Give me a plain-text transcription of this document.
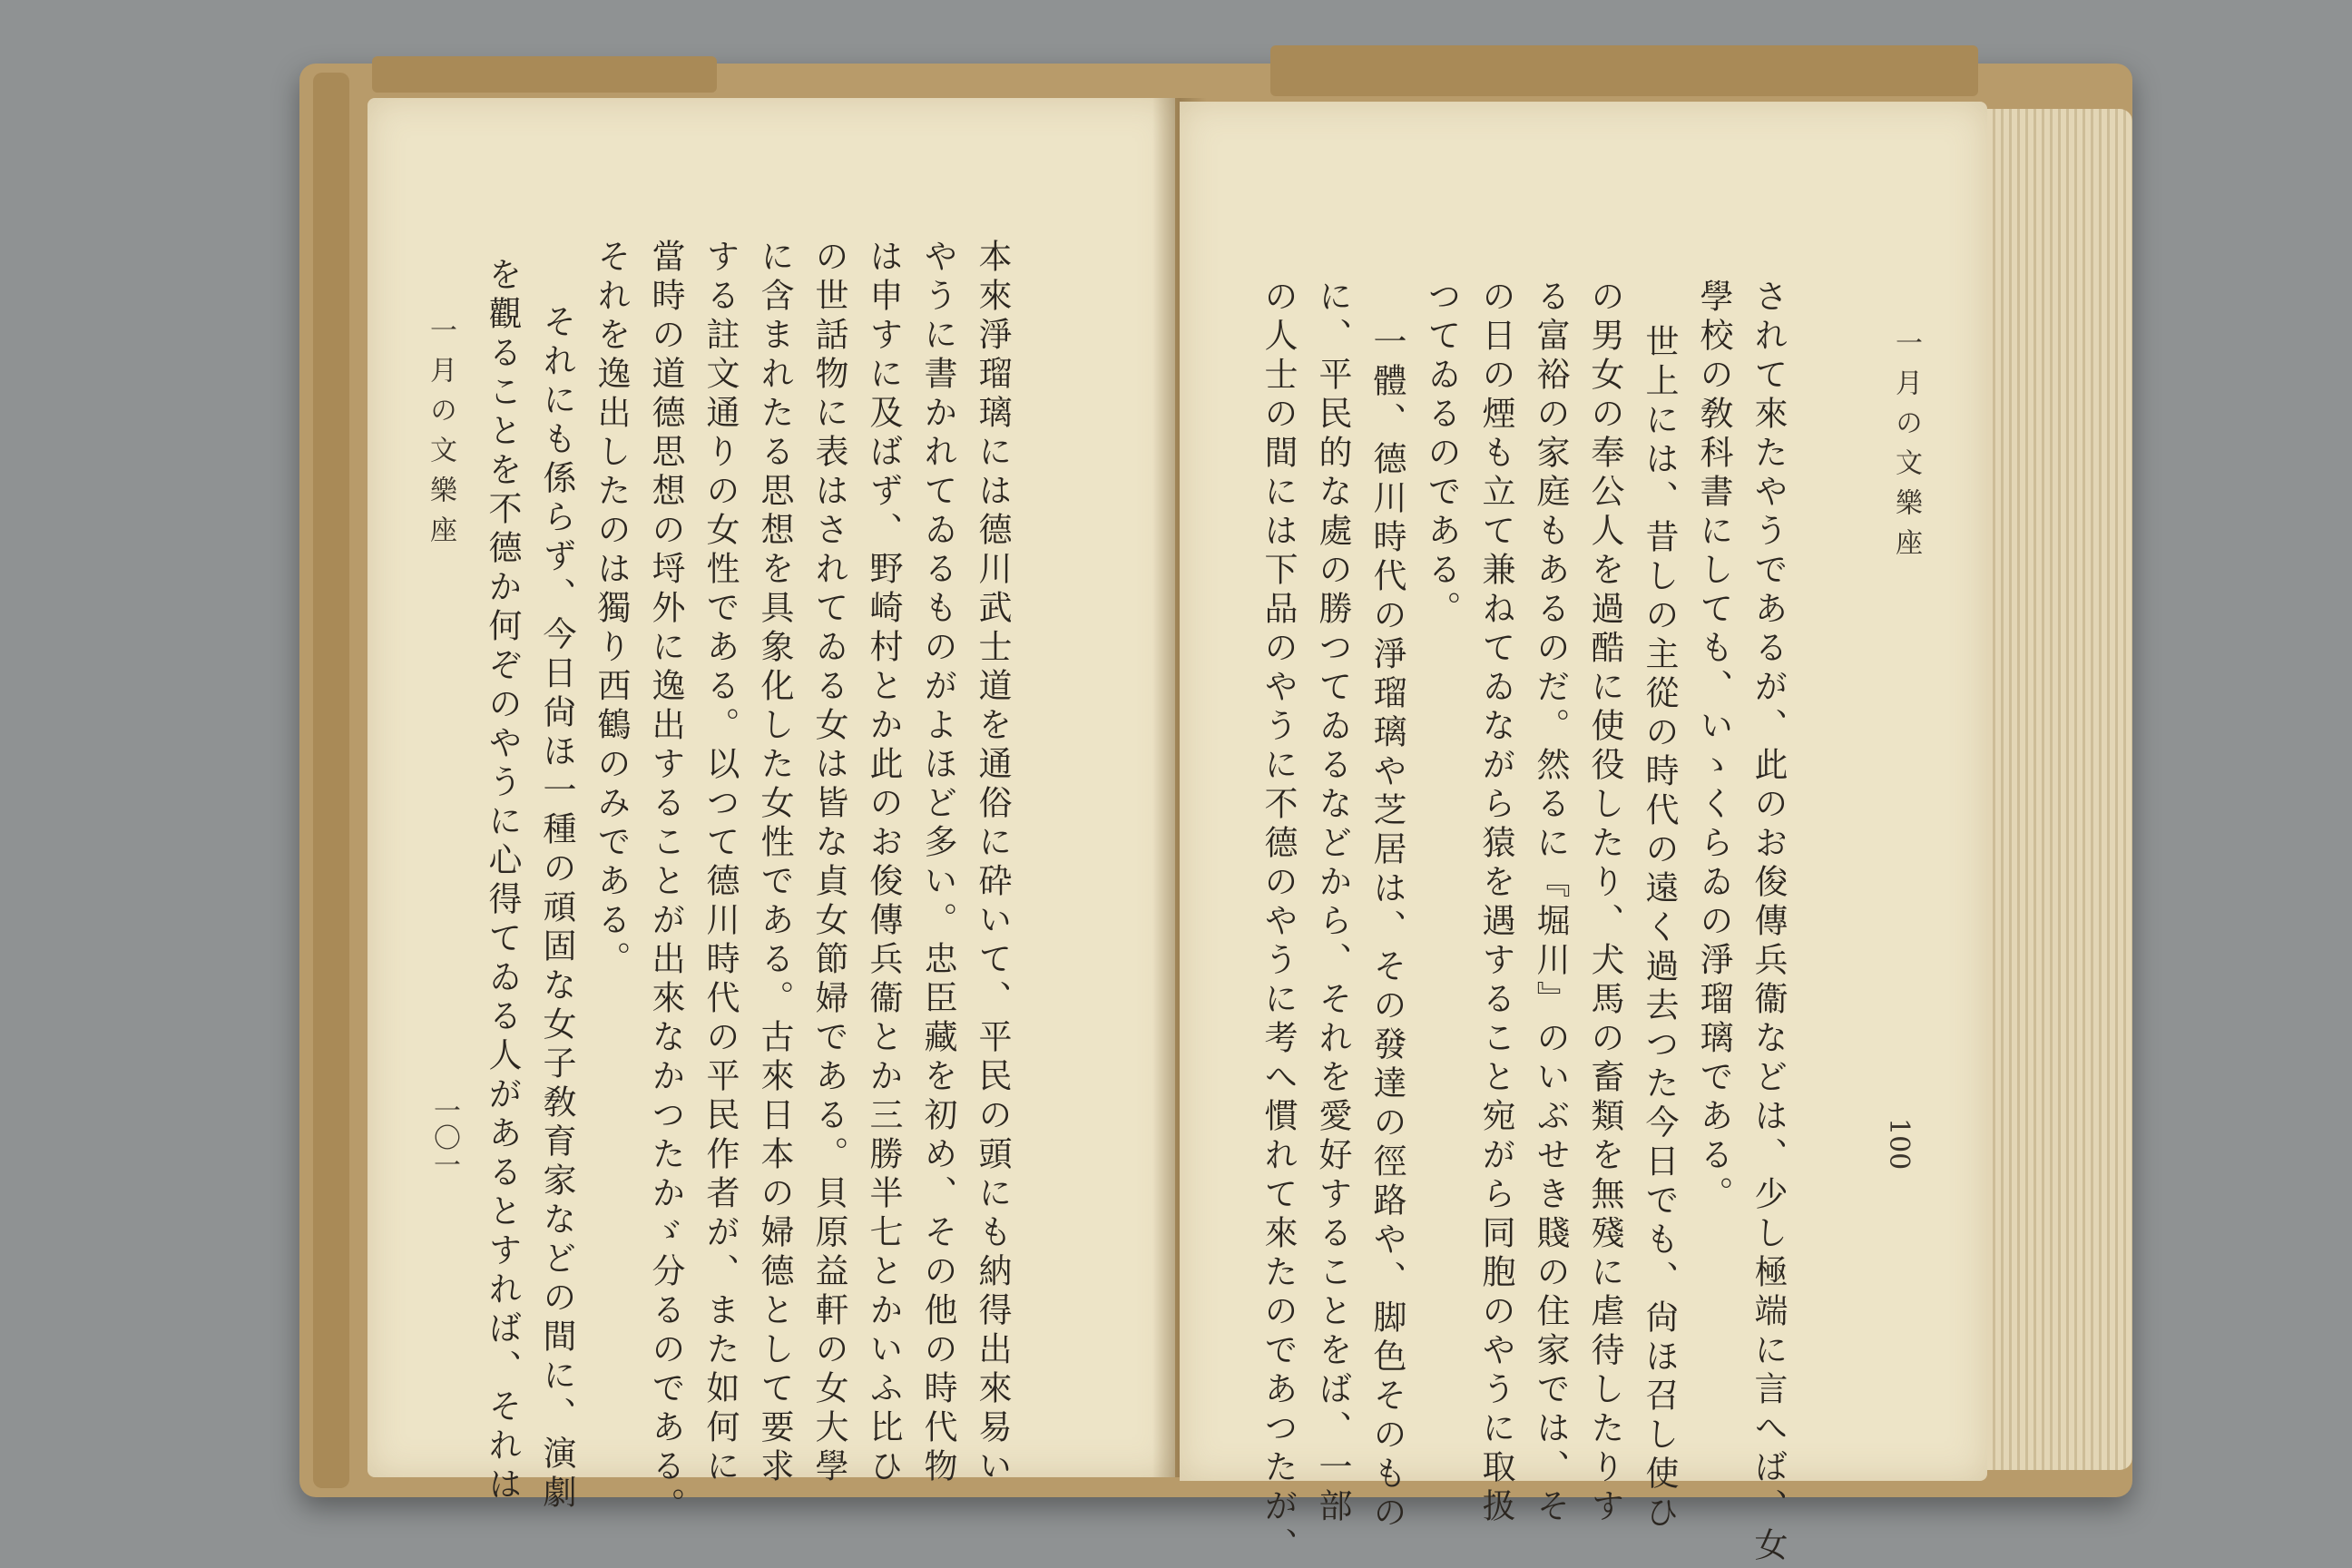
一月の文樂座
一〇一 を觀ることを不德か何ぞのやうに心得てゐる人があるとすれば、それは それにも係らず、今日尙ほ一種の頑固な女子敎育家などの間に、演劇 それを逸出したのは獨り西鶴のみである。 當時の道德思想の埒外に逸出することが出來なかつたかゞ分るのである。 する註文通りの女性である。以つて德川時代の平民作者が、また如何に に含まれたる思想を具象化した女性である。古來日本の婦德として要求 の世話物に表はされてゐる女は皆な貞女節婦である。貝原益軒の女大學 は申すに及ばず、野崎村とか此のお俊傳兵衞とか三勝半七とかいふ比ひ やうに書かれてゐるものがよほど多い。忠臣藏を初め、その他の時代物 本來淨瑠璃には德川武士道を通俗に砕いて、平民の頭にも納得出來易い	の人士の間には下品のやうに不德のやうに考へ慣れて來たのであつたが、 に、平民的な處の勝つてゐるなどから、それを愛好することをば、一部 一體、德川時代の淨瑠璃や芝居は、その發達の徑路や、脚色そのもの つてゐるのである。 の日の煙も立て兼ねてゐながら猿を遇すること宛がら同胞のやうに取扱 る富裕の家庭もあるのだ。然るに『堀川』のいぶせき賤の住家では、そ の男女の奉公人を過酷に使役したり、犬馬の畜類を無殘に虐待したりす 世上には、昔しの主從の時代の遠く過去つた今日でも、尙ほ召し使ひ 學校の敎科書にしても、いゝくらゐの淨瑠璃である。 されて來たやうであるが、此のお俊傳兵衞などは、少し極端に言へば、女	一月の文樂座
100
